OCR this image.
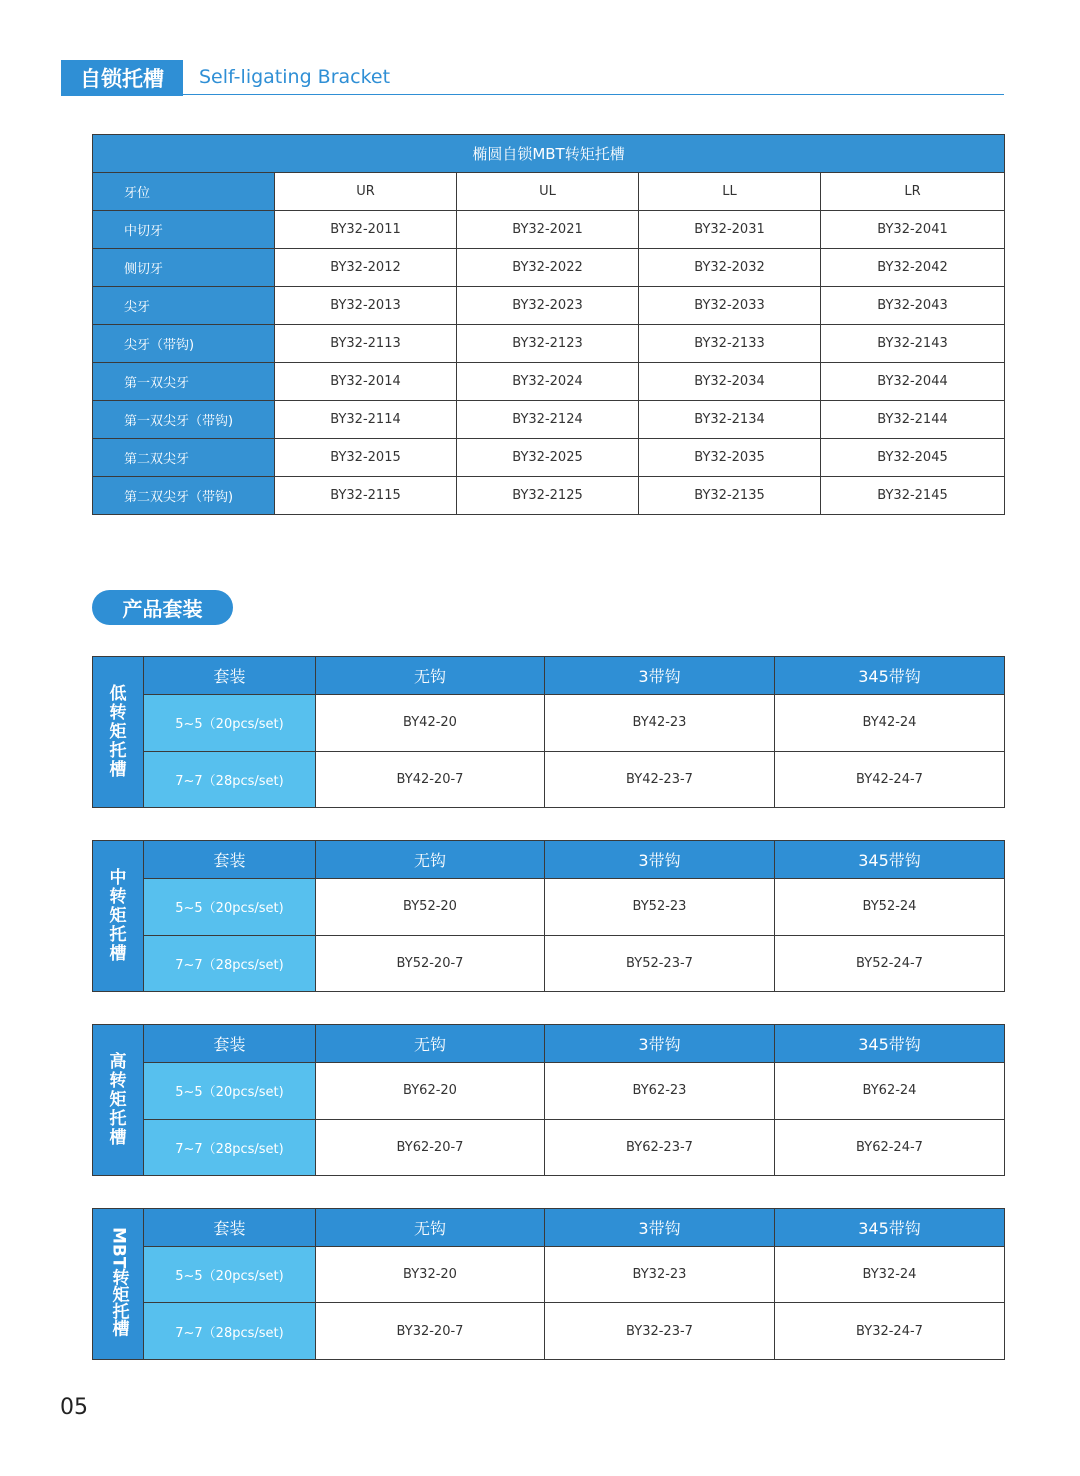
自锁托槽	Self-ligating Bracket
椭圆自锁MBT转矩托槽				
牙位	UR	UL	LL	LR
中切牙	BY32-2011	BY32-2021	BY32-2031	BY32-2041
侧切牙	BY32-2012	BY32-2022	BY32-2032	BY32-2042
尖牙	BY32-2013	BY32-2023	BY32-2033	BY32-2043
尖牙（带钩)	BY32-2113	BY32-2123	BY32-2133	BY32-2143
第一双尖牙	BY32-2014	BY32-2024	BY32-2034	BY32-2044
第一双尖牙（带钩)	BY32-2114	BY32-2124	BY32-2134	BY32-2144
第二双尖牙	BY32-2015	BY32-2025	BY32-2035	BY32-2045
第二双尖牙（带钩)	BY32-2115	BY32-2125	BY32-2135	BY32-2145
产品套装
低转矩托槽	套装	无钩	3带钩	345带钩
	5~5（20pcs/set)	BY42-20	BY42-23	BY42-24
	7~7（28pcs/set)	BY42-20-7	BY42-23-7	BY42-24-7
中转矩托槽	套装	无钩	3带钩	345带钩
	5~5（20pcs/set)	BY52-20	BY52-23	BY52-24
	7~7（28pcs/set)	BY52-20-7	BY52-23-7	BY52-24-7
高转矩托槽	套装	无钩	3带钩	345带钩
	5~5（20pcs/set)	BY62-20	BY62-23	BY62-24
	7~7（28pcs/set)	BY62-20-7	BY62-23-7	BY62-24-7
MBT转矩托槽	套装	无钩	3带钩	345带钩
	5~5（20pcs/set)	BY32-20	BY32-23	BY32-24
	7~7（28pcs/set)	BY32-20-7	BY32-23-7	BY32-24-7
05
